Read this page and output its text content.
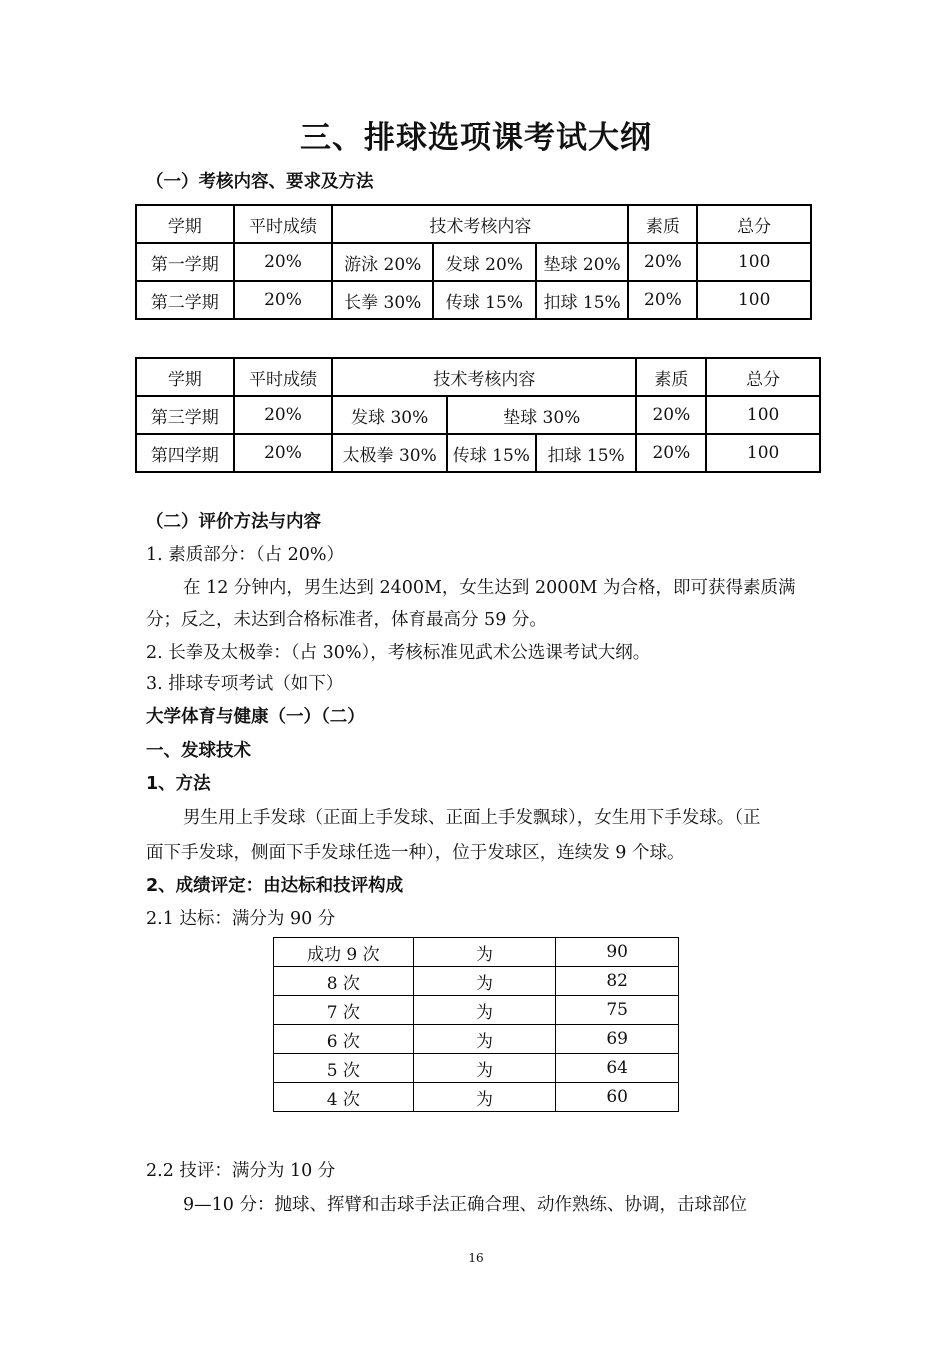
三、排球选项课考试大纲
（一）考核内容、要求及方法
学期	平时成绩	技术考核内容			素质	总分
第一学期	20%	游泳 20%	发球 20%	垫球 20%	20%	100
第二学期	20%	长拳 30%	传球 15%	扣球 15%	20%	100
学期	平时成绩	技术考核内容			素质	总分
第三学期	20%	发球 30%	垫球 30%		20%	100
第四学期	20%	太极拳 30%	传球 15%	扣球 15%	20%	100
（二）评价方法与内容
1. 素质部分：（占 20%）
在 12 分钟内，男生达到 2400M，女生达到 2000M 为合格，即可获得素质满
分；反之，未达到合格标准者，体育最高分 59 分。
2. 长拳及太极拳：（占 30%），考核标准见武术公选课考试大纲。
3. 排球专项考试（如下）
大学体育与健康（一）（二）
一、发球技术
1、方法
男生用上手发球（正面上手发球、正面上手发飘球），女生用下手发球。（正
面下手发球，侧面下手发球任选一种），位于发球区，连续发 9 个球。
2、成绩评定：由达标和技评构成
2.1 达标：满分为 90 分
成功 9 次	为	90
8 次	为	82
7 次	为	75
6 次	为	69
5 次	为	64
4 次	为	60
2.2 技评：满分为 10 分
9—10 分：抛球、挥臂和击球手法正确合理、动作熟练、协调，击球部位
16
